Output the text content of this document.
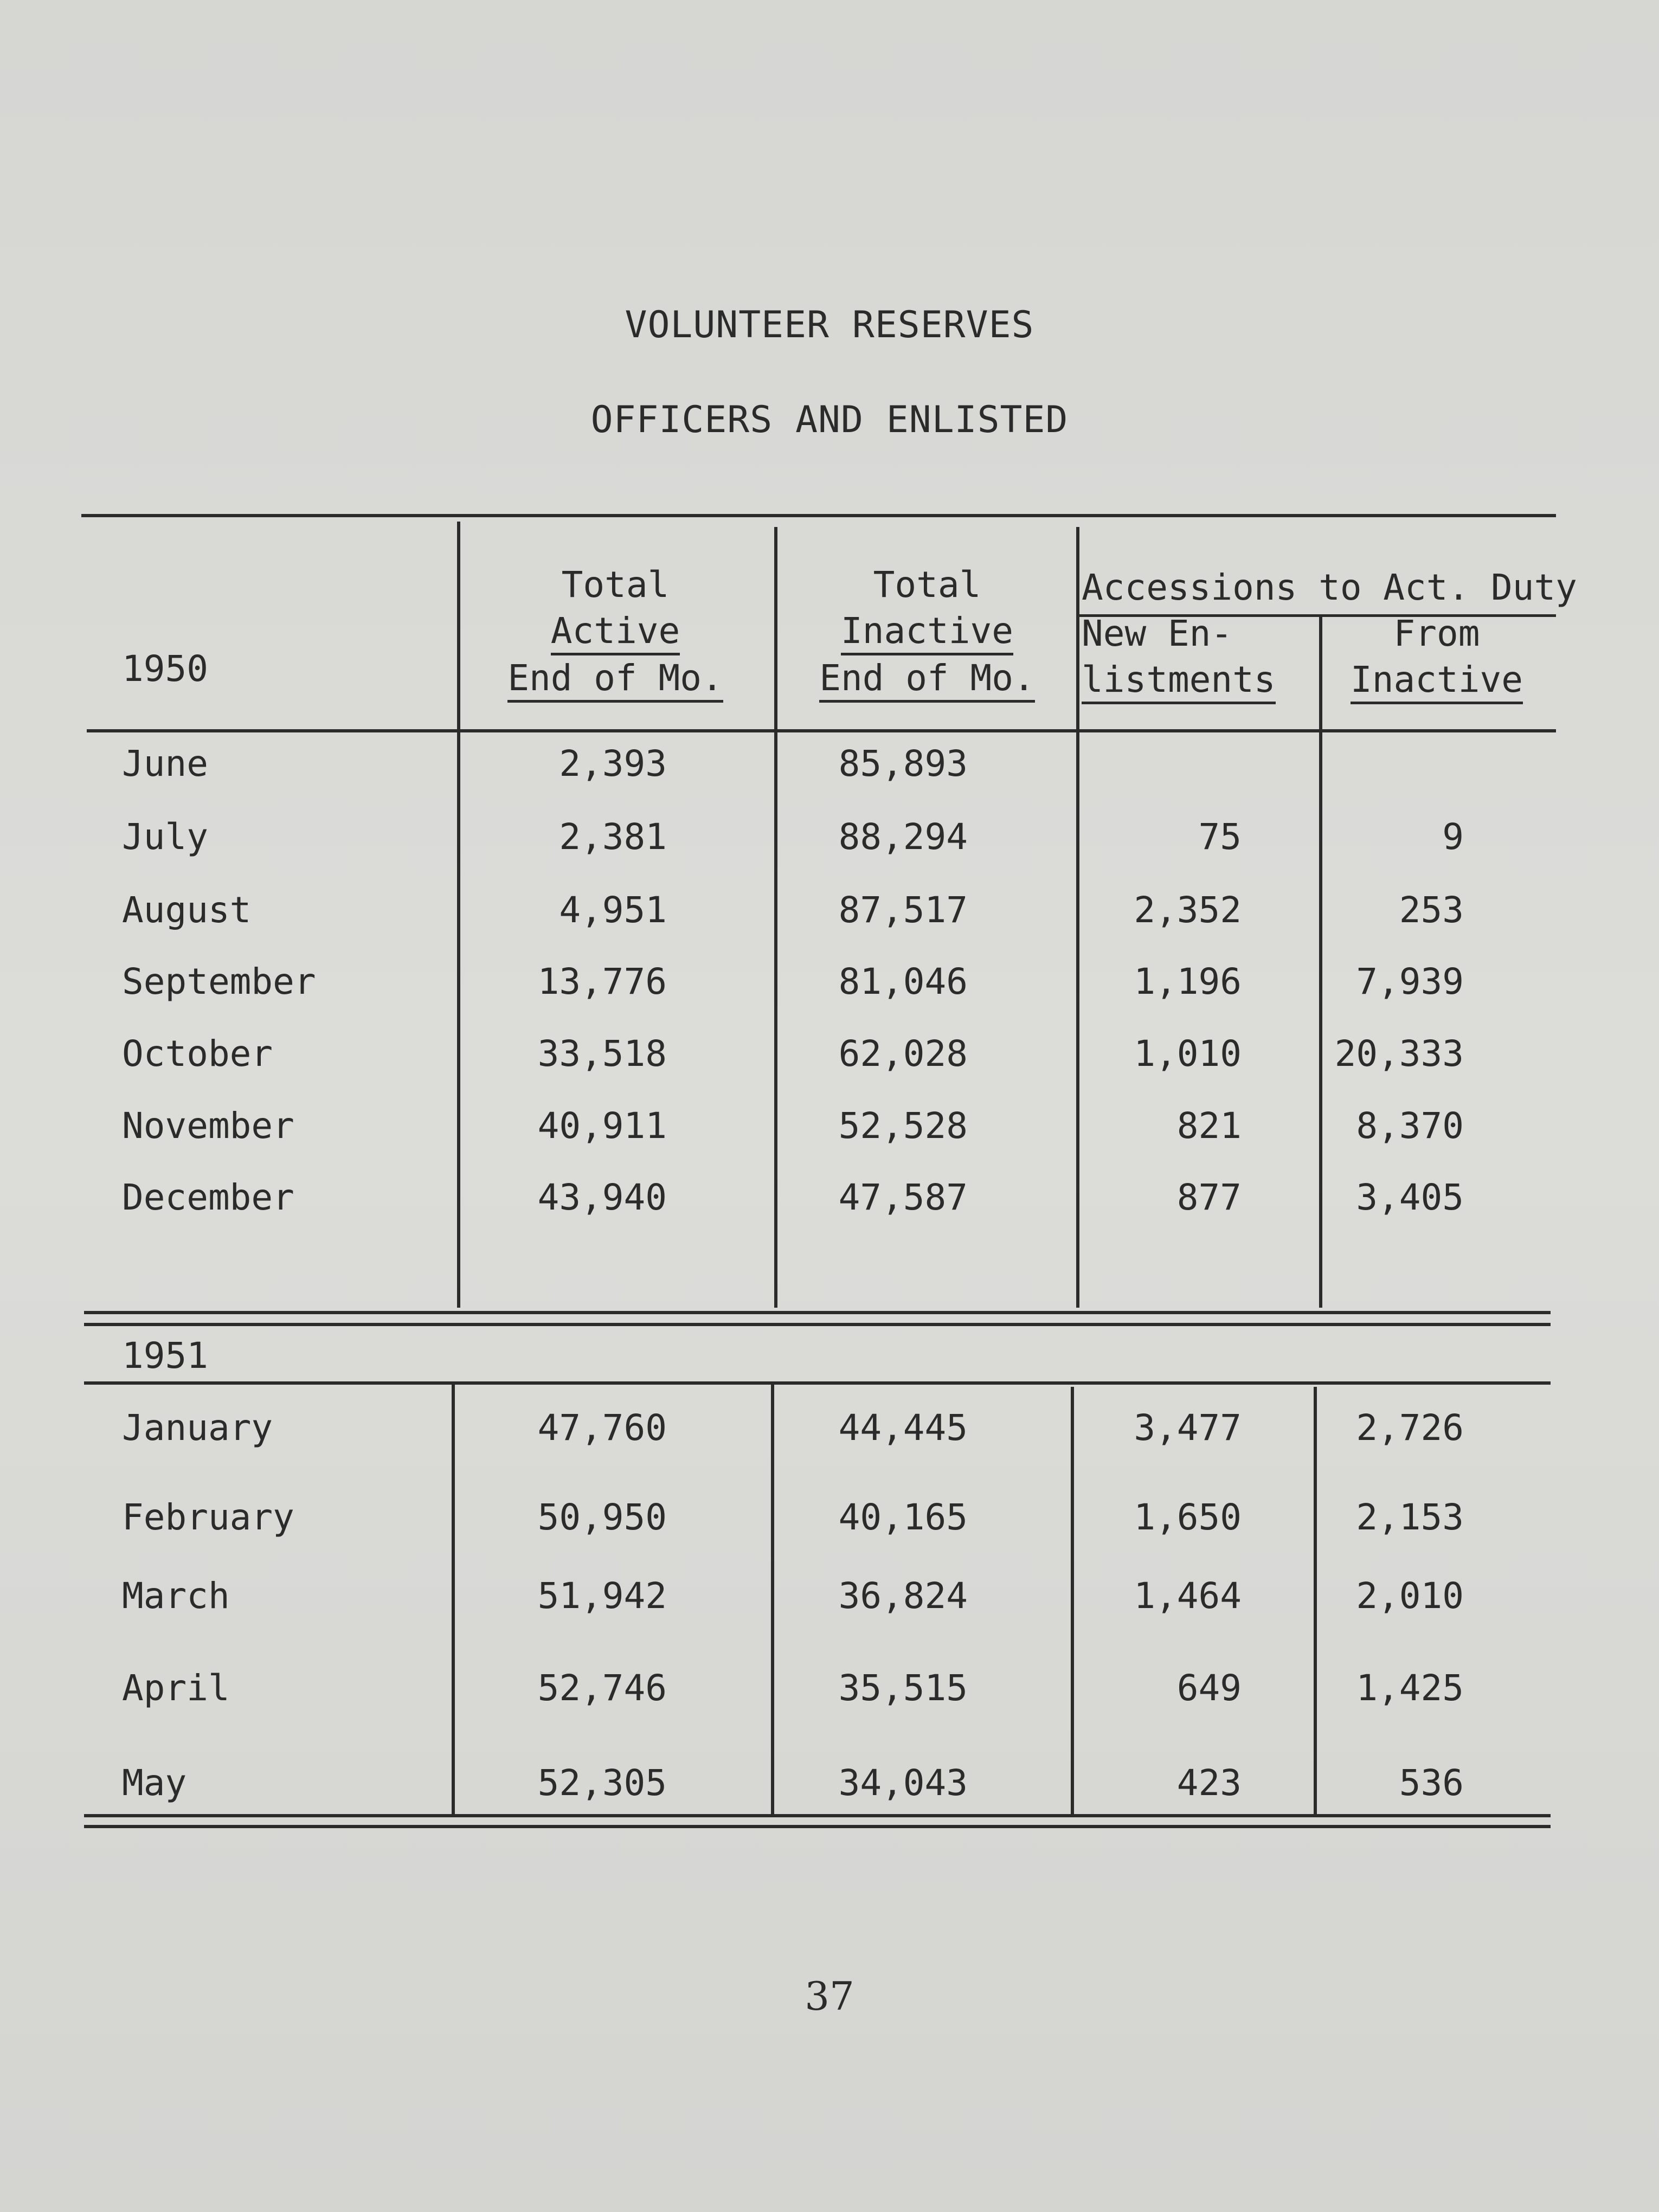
VOLUNTEER RESERVES
OFFICERS AND ENLISTED
1950
Total
Active
End of Mo.
Total
Inactive
End of Mo.
Accessions to Act. Duty
New En-
listments
From
Inactive
June	2,393	85,893
July	2,381	88,294	75	9
August	4,951	87,517	2,352	253
September	13,776	81,046	1,196	7,939
October	33,518	62,028	1,010	20,333
November	40,911	52,528	821	8,370
December	43,940	47,587	877	3,405
1951
January	47,760	44,445	3,477	2,726
February	50,950	40,165	1,650	2,153
March	51,942	36,824	1,464	2,010
April	52,746	35,515	649	1,425
May	52,305	34,043	423	536
37
